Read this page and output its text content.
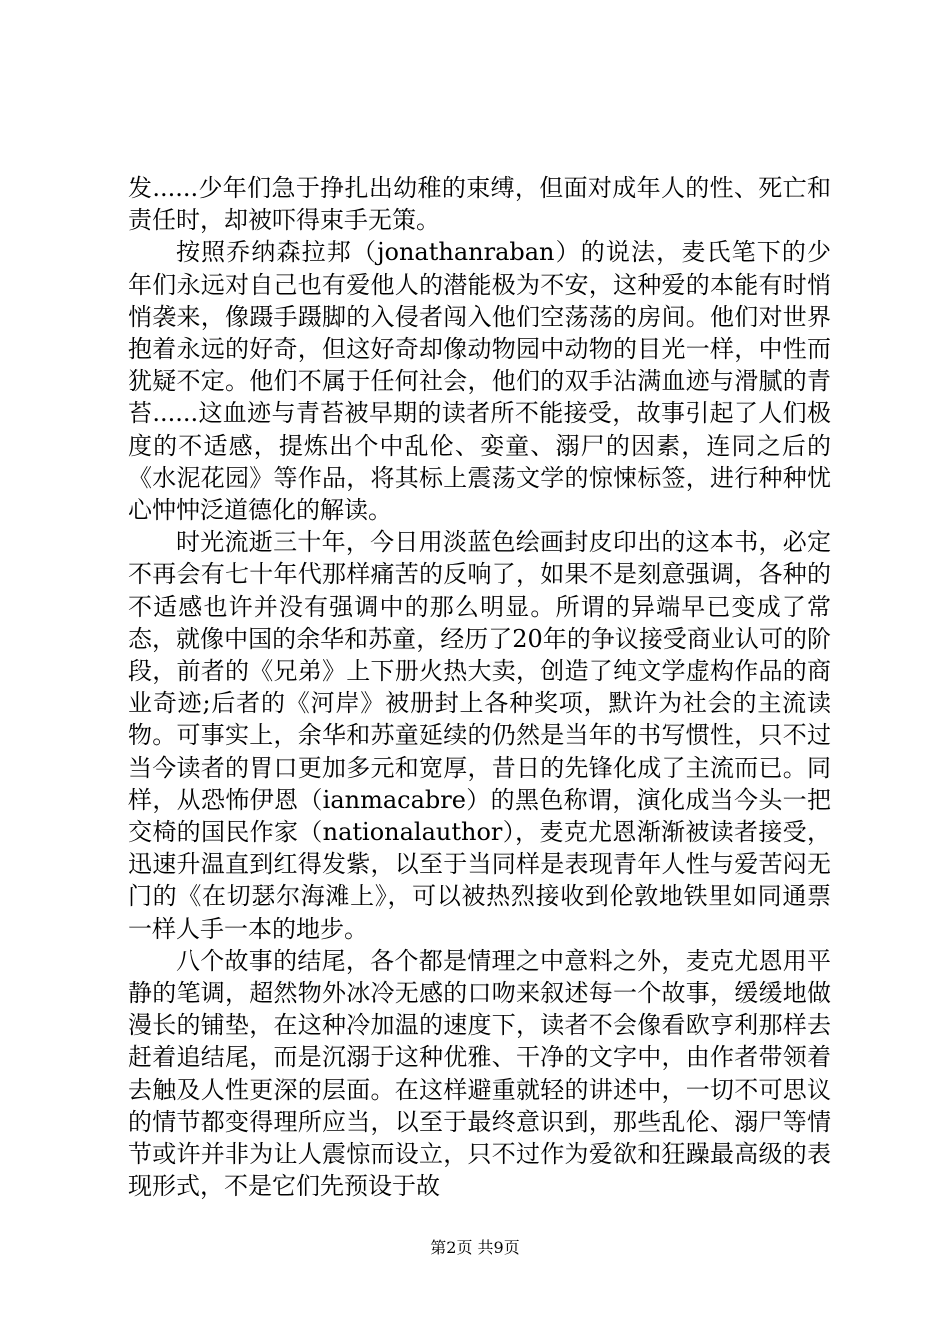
发......少年们急于挣扎出幼稚的束缚，但面对成年人的性、死亡和责任时，却被吓得束手无策。

按照乔纳森拉邦（jonathanraban）的说法，麦氏笔下的少年们永远对自己也有爱他人的潜能极为不安，这种爱的本能有时悄悄袭来，像蹑手蹑脚的入侵者闯入他们空荡荡的房间。他们对世界抱着永远的好奇，但这好奇却像动物园中动物的目光一样，中性而犹疑不定。他们不属于任何社会，他们的双手沾满血迹与滑腻的青苔......这血迹与青苔被早期的读者所不能接受，故事引起了人们极度的不适感，提炼出个中乱伦、娈童、溺尸的因素，连同之后的《水泥花园》等作品，将其标上震荡文学的惊悚标签，进行种种忧心忡忡泛道德化的解读。

时光流逝三十年，今日用淡蓝色绘画封皮印出的这本书，必定不再会有七十年代那样痛苦的反响了，如果不是刻意强调，各种的不适感也许并没有强调中的那么明显。所谓的异端早已变成了常态，就像中国的余华和苏童，经历了20年的争议接受商业认可的阶段，前者的《兄弟》上下册火热大卖，创造了纯文学虚构作品的商业奇迹;后者的《河岸》被册封上各种奖项，默许为社会的主流读物。可事实上，余华和苏童延续的仍然是当年的书写惯性，只不过当今读者的胃口更加多元和宽厚，昔日的先锋化成了主流而已。同样，从恐怖伊恩（ianmacabre）的黑色称谓，演化成当今头一把交椅的国民作家（nationalauthor），麦克尤恩渐渐被读者接受，迅速升温直到红得发紫，以至于当同样是表现青年人性与爱苦闷无门的《在切瑟尔海滩上》，可以被热烈接收到伦敦地铁里如同通票一样人手一本的地步。

八个故事的结尾，各个都是情理之中意料之外，麦克尤恩用平静的笔调，超然物外冰冷无感的口吻来叙述每一个故事，缓缓地做漫长的铺垫，在这种冷加温的速度下，读者不会像看欧亨利那样去赶着追结尾，而是沉溺于这种优雅、干净的文字中，由作者带领着去触及人性更深的层面。在这样避重就轻的讲述中，一切不可思议的情节都变得理所应当，以至于最终意识到，那些乱伦、溺尸等情节或许并非为让人震惊而设立，只不过作为爱欲和狂躁最高级的表现形式，不是它们先预设于故

第2页 共9页
